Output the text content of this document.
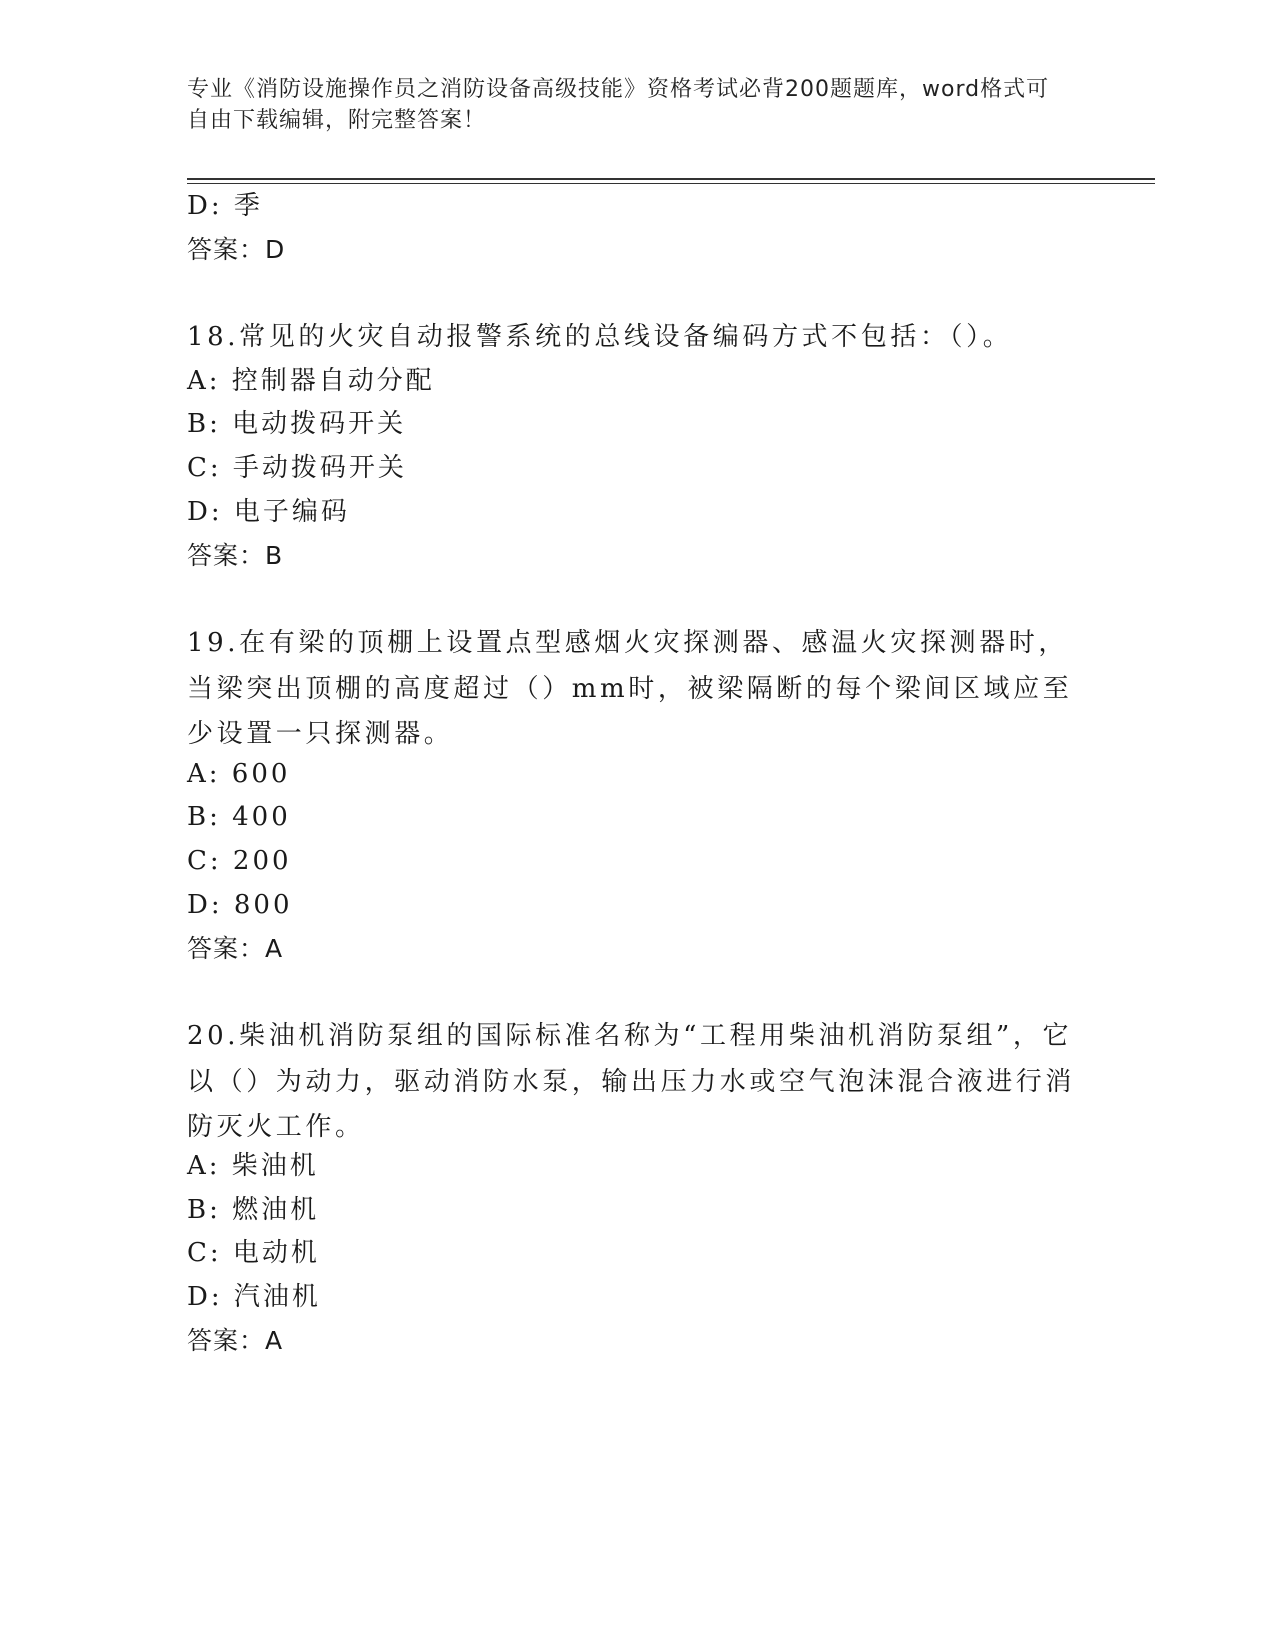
专业《消防设施操作员之消防设备高级技能》资格考试必背200题题库，word格式可自由下载编辑，附完整答案！
D: 季
答案：D
18.常见的火灾自动报警系统的总线设备编码方式不包括：（）。
A: 控制器自动分配
B: 电动拨码开关
C: 手动拨码开关
D: 电子编码
答案：B
19.在有梁的顶棚上设置点型感烟火灾探测器、感温火灾探测器时，当梁突出顶棚的高度超过（）mm时，被梁隔断的每个梁间区域应至少设置一只探测器。
A: 600
B: 400
C: 200
D: 800
答案：A
20.柴油机消防泵组的国际标准名称为“工程用柴油机消防泵组”，它以（）为动力，驱动消防水泵，输出压力水或空气泡沫混合液进行消防灭火工作。
A: 柴油机
B: 燃油机
C: 电动机
D: 汽油机
答案：A
